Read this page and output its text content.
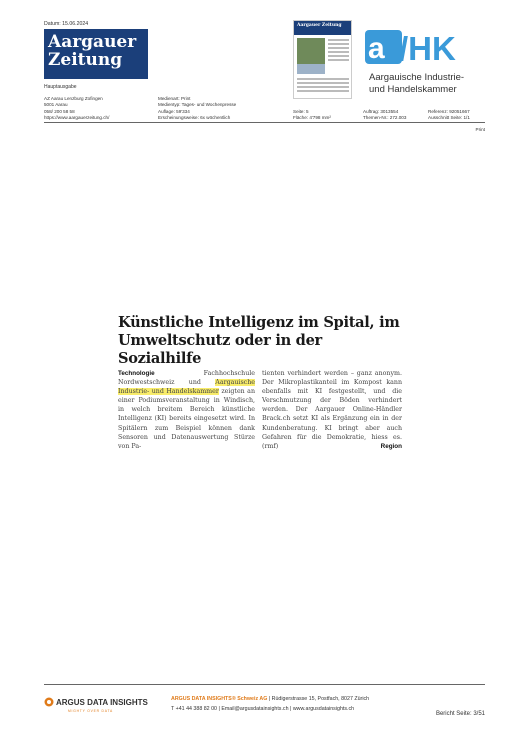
Datum: 15.06.2024
Aargauer Zeitung
Hauptausgabe
Aargauer Zeitung
a /HK
Aargauische Industrie-
und Handelskammer
AZ Aarau Lenzburg Zofingen
5001 Aarau
058/ 200 58 58
https://www.aargauerzeitung.ch/
Medienart: Print
Medientyp: Tages- und Wochenpresse
Auflage: 59'334
Erscheinungsweise: 6x wöchentlich
Seite: 5
Fläche: 4'798 mm²
Auftrag: 3013554
Themen-Nr.: 272.003
Referenz: 92051667
Ausschnitt Seite: 1/1
Print
Künstliche Intelligenz im Spital, im
Umweltschutz oder in der Sozialhilfe
Technologie Fachhochschule Nordwestschweiz und Aargauische Industrie- und Handelskammer zeigten an einer Podiumsveranstaltung in Windisch, in welch breitem Bereich künstliche Intelligenz (KI) bereits eingesetzt wird. In Spitälern zum Beispiel können dank Sensoren und Datenauswertung Stürze von Pa-
tienten verhindert werden – ganz anonym. Der Mikroplastikanteil im Kompost kann ebenfalls mit KI festgestellt, und die Verschmutzung der Böden verhindert werden. Der Aargauer Online-Händler Brack.ch setzt KI als Ergänzung ein in der Kundenberatung. KI bringt aber auch Gefahren für die Demokratie, hiess es. (rmf)	Region
ARGUS DATA INSIGHTS
MIGHTY OVER DATA
ARGUS DATA INSIGHTS® Schweiz AG | Rüdigerstrasse 15, Postfach, 8027 Zürich
T +41 44 388 82 00 | Email@argusdatainsights.ch | www.argusdatainsights.ch
Bericht Seite: 3/51
